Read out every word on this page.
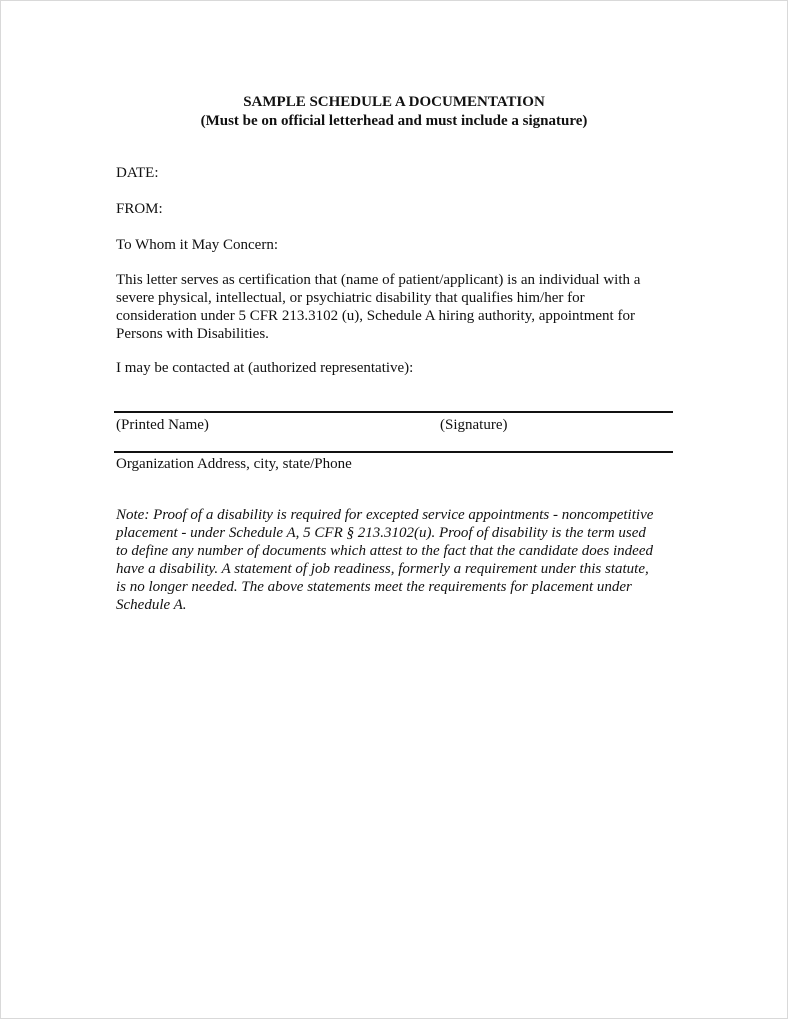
SAMPLE SCHEDULE A DOCUMENTATION
(Must be on official letterhead and must include a signature)
DATE:
FROM:
To Whom it May Concern:
This letter serves as certification that (name of patient/applicant) is an individual with a
severe physical, intellectual, or psychiatric disability that qualifies him/her for
consideration under 5 CFR 213.3102 (u), Schedule A hiring authority, appointment for
Persons with Disabilities.
I may be contacted at (authorized representative):
(Printed Name)	(Signature)
Organization Address, city, state/Phone
Note: Proof of a disability is required for excepted service appointments - noncompetitive
placement - under Schedule A, 5 CFR § 213.3102(u). Proof of disability is the term used
to define any number of documents which attest to the fact that the candidate does indeed
have a disability. A statement of job readiness, formerly a requirement under this statute,
is no longer needed. The above statements meet the requirements for placement under
Schedule A.
